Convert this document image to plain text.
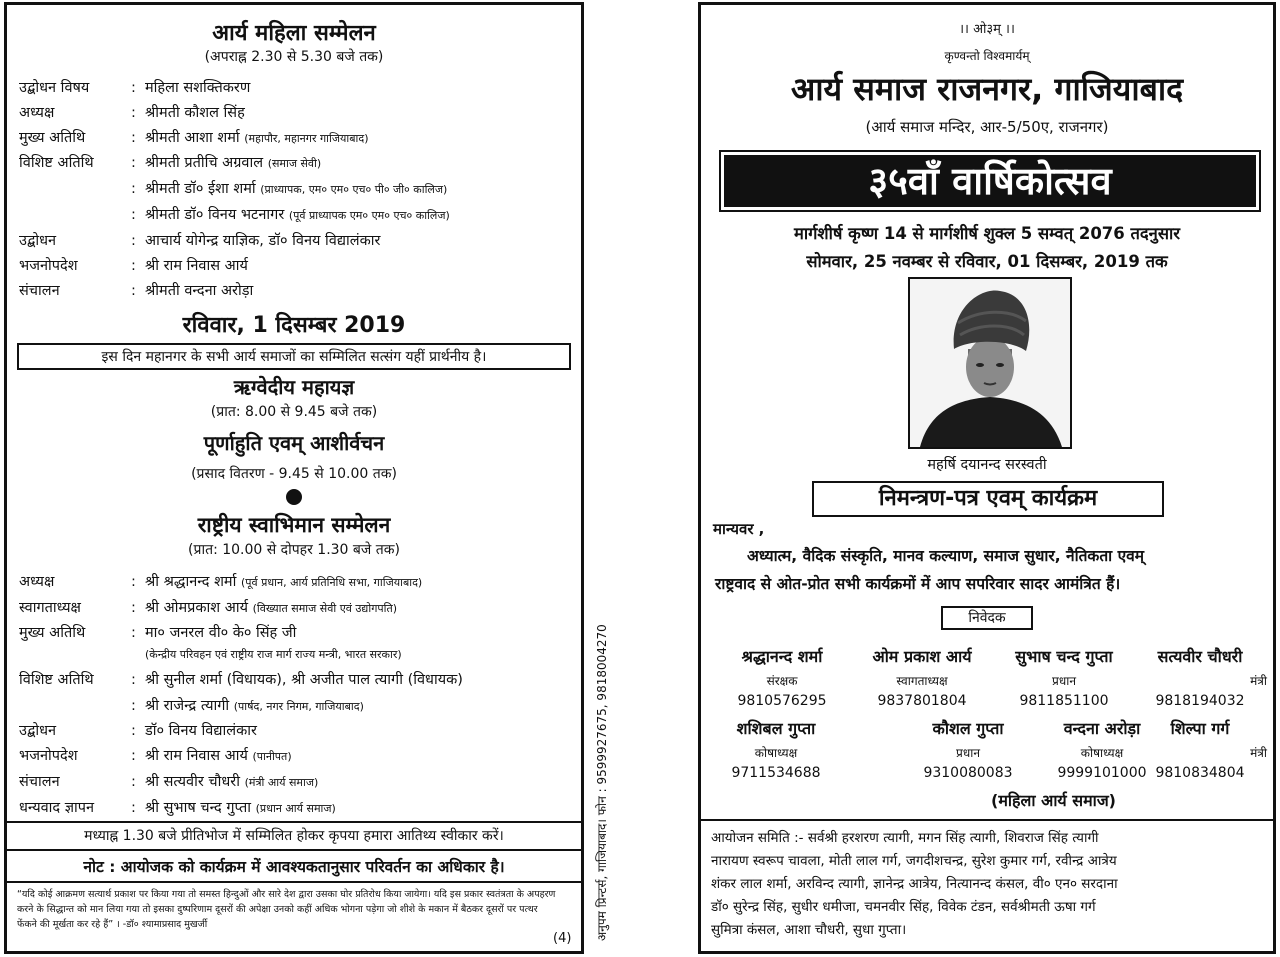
आर्य महिला सम्मेलन
(अपराह्न 2.30 से 5.30 बजे तक)
उद्बोधन विषय	: महिला सशक्तिकरण
अध्यक्ष	: श्रीमती कौशल सिंह
मुख्य अतिथि	: श्रीमती आशा शर्मा (महापौर, महानगर गाजियाबाद)
विशिष्ट अतिथि	: श्रीमती प्रतीचि अग्रवाल (समाज सेवी)
: श्रीमती डॉ० ईशा शर्मा (प्राध्यापक, एम० एम० एच० पी० जी० कालिज)
: श्रीमती डॉ० विनय भटनागर (पूर्व प्राध्यापक एम० एम० एच० कालिज)
उद्बोधन	: आचार्य योगेन्द्र याज्ञिक, डॉ० विनय विद्यालंकार
भजनोपदेश	: श्री राम निवास आर्य
संचालन	: श्रीमती वन्दना अरोड़ा
रविवार, 1 दिसम्बर 2019
इस दिन महानगर के सभी आर्य समाजों का सम्मिलित सत्संग यहीं प्रार्थनीय है।
ऋग्वेदीय महायज्ञ
(प्रात: 8.00 से 9.45 बजे तक)
पूर्णाहुति एवम् आशीर्वचन
(प्रसाद वितरण - 9.45 से 10.00 तक)
राष्ट्रीय स्वाभिमान सम्मेलन
(प्रात: 10.00 से दोपहर 1.30 बजे तक)
अध्यक्ष	: श्री श्रद्धानन्द शर्मा (पूर्व प्रधान, आर्य प्रतिनिधि सभा, गाजियाबाद)
स्वागताध्यक्ष	: श्री ओमप्रकाश आर्य (विख्यात समाज सेवी एवं उद्योगपति)
मुख्य अतिथि	: मा० जनरल वी० के० सिंह जी
(केन्द्रीय परिवहन एवं राष्ट्रीय राज मार्ग राज्य मन्त्री, भारत सरकार)
विशिष्ट अतिथि	: श्री सुनील शर्मा (विधायक), श्री अजीत पाल त्यागी (विधायक)
: श्री राजेन्द्र त्यागी (पार्षद, नगर निगम, गाजियाबाद)
उद्बोधन	: डॉ० विनय विद्यालंकार
भजनोपदेश	: श्री राम निवास आर्य (पानीपत)
संचालन	: श्री सत्यवीर चौधरी (मंत्री आर्य समाज)
धन्यवाद ज्ञापन	: श्री सुभाष चन्द गुप्ता (प्रधान आर्य समाज)
मध्याह्न 1.30 बजे प्रीतिभोज में सम्मिलित होकर कृपया हमारा आतिथ्य स्वीकार करें।
नोट : आयोजक को कार्यक्रम में आवश्यकतानुसार परिवर्तन का अधिकार है।
“यदि कोई आक्रमण सत्यार्थ प्रकाश पर किया गया तो समस्त हिन्दुओं और सारे देश द्वारा उसका घोर प्रतिरोध किया जायेगा। यदि इस प्रकार स्वतंत्रता के अपहरण करने के सिद्धान्त को मान लिया गया तो इसका दुष्परिणाम दूसरों की अपेक्षा उनको कहीं अधिक भोगना पड़ेगा जो शीशे के मकान में बैठकर दूसरों पर पत्थर फेंकने की मूर्खता कर रहे हैं” । -डॉ० श्यामाप्रसाद मुखर्जी
(4)	अनुपम प्रिन्टर्स, गाजियाबाद। फोन : 9599927675, 9818004270
।। ओ३म् ।।
कृण्वन्तो विश्वमार्यम्
आर्य समाज राजनगर, गाजियाबाद
(आर्य समाज मन्दिर, आर-5/50ए, राजनगर)
३५वाँ वार्षिकोत्सव
मार्गशीर्ष कृष्ण 14 से मार्गशीर्ष शुक्ल 5 सम्वत् 2076 तदनुसार
सोमवार, 25 नवम्बर से रविवार, 01 दिसम्बर, 2019 तक
महर्षि दयानन्द सरस्वती
निमन्त्रण-पत्र एवम् कार्यक्रम
मान्यवर ,
अध्यात्म, वैदिक संस्कृति, मानव कल्याण, समाज सुधार, नैतिकता एवम्
राष्ट्रवाद से ओत-प्रोत सभी कार्यक्रमों में आप सपरिवार सादर आमंत्रित हैं।
निवेदक
श्रद्धानन्द शर्मा
संरक्षक
9810576295
ओम प्रकाश आर्य
स्वागताध्यक्ष
9837801804
सुभाष चन्द गुप्ता
प्रधान
9811851100
सत्यवीर चौधरी
मंत्री
9818194032
शशिबल गुप्ता
कोषाध्यक्ष
9711534688
कौशल गुप्ता
प्रधान
9310080083
वन्दना अरोड़ा
कोषाध्यक्ष
9999101000
शिल्पा गर्ग
मंत्री
9810834804
(महिला आर्य समाज)
आयोजन समिति :- सर्वश्री हरशरण त्यागी, मगन सिंह त्यागी, शिवराज सिंह त्यागी
नारायण स्वरूप चावला, मोती लाल गर्ग, जगदीशचन्द्र, सुरेश कुमार गर्ग, रवीन्द्र आत्रेय
शंकर लाल शर्मा, अरविन्द त्यागी, ज्ञानेन्द्र आत्रेय, नित्यानन्द कंसल, वी० एन० सरदाना
डॉ० सुरेन्द्र सिंह, सुधीर धमीजा, चमनवीर सिंह, विवेक टंडन, सर्वश्रीमती ऊषा गर्ग
सुमित्रा कंसल, आशा चौधरी, सुधा गुप्ता।
